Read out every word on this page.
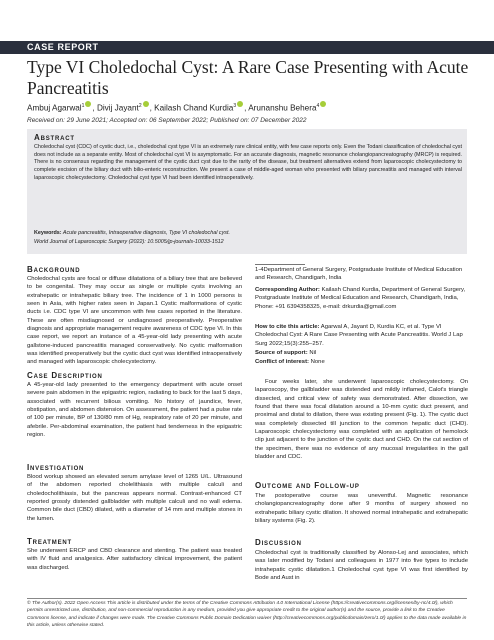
CASE REPORT
Type VI Choledochal Cyst: A Rare Case Presenting with Acute Pancreatitis
Ambuj Agarwal$^1$ , Divij Jayant$^2$ , Kailash Chand Kurdia$^3$ , Arunanshu Behera$^4$
Received on: 29 June 2021; Accepted on: 06 September 2022; Published on: 07 December 2022
Abstract
Choledochal cyst (CDC) of cystic duct, i.e., choledochal cyst type VI is an extremely rare clinical entity, with few case reports only. Even the Todani classification of choledochal cyst does not include as a separate entity. Most of choledochal cyst VI is asymptomatic. For an accurate diagnosis, magnetic resonance cholangiopancreatography (MRCP) is required. There is no consensus regarding the management of the cystic duct cyst due to the rarity of the disease, but treatment alternatives extend from laparoscopic cholecystectomy to complete excision of the biliary duct with bilio-enteric reconstruction. We present a case of middle-aged woman who presented with biliary pancreatitis and managed with interval laparoscopic cholecystectomy. Choledochal cyst type VI had been identified intraoperatively.
Keywords: Acute pancreatitis, Intraoperative diagnosis, Type VI choledochal cyst.
World Journal of Laparoscopic Surgery (2022): 10.5005/jp-journals-10033-1512
Background
Choledochal cysts are focal or diffuse dilatations of a biliary tree that are believed to be congenital. They may occur as single or multiple cysts involving an extrahepatic or intrahepatic biliary tree. The incidence of 1 in 1000 persons is seen in Asia, with higher rates seen in Japan.1 Cystic malformations of cystic ducts i.e. CDC type VI are uncommon with few cases reported in the literature. These are often misdiagnosed or undiagnosed preoperatively. Preoperative diagnosis and appropriate management require awareness of CDC type VI. In this case report, we report an instance of a 45-year-old lady presenting with acute gallstone-induced pancreatitis managed conservatively. No cystic malformation was identified preoperatively but the cystic duct cyst was identified intraoperatively and managed with laparoscopic cholecystectomy.
Case Description
A 45-year-old lady presented to the emergency department with acute onset severe pain abdomen in the epigastric region, radiating to back for the last 5 days, associated with recurrent bilious vomiting. No history of jaundice, fever, obstipation, and abdomen distension. On assessment, the patient had a pulse rate of 100 per minute, BP of 130/80 mm of Hg, respiratory rate of 20 per minute, and afebrile. Per-abdominal examination, the patient had tenderness in the epigastric region.
Investigation
Blood workup showed an elevated serum amylase level of 1265 U/L. Ultrasound of the abdomen reported cholelithiasis with multiple calculi and choledocholithiasis, but the pancreas appears normal. Contrast-enhanced CT reported grossly distended gallbladder with multiple calculi and no wall edema. Common bile duct (CBD) dilated, with a diameter of 14 mm and multiple stones in the lumen.
Treatment
She underwent ERCP and CBD clearance and stenting. The patient was treated with IV fluid and analgesics. After satisfactory clinical improvement, the patient was discharged.
1-4Department of General Surgery, Postgraduate Institute of Medical Education and Research, Chandigarh, India
Corresponding Author: Kailash Chand Kurdia, Department of General Surgery, Postgraduate Institute of Medical Education and Research, Chandigarh, India, Phone: +91 6394358325, e-mail: drkurdia@gmail.com
How to cite this article: Agarwal A, Jayant D, Kurdia KC, et al. Type VI Choledochal Cyst: A Rare Case Presenting with Acute Pancreatitis. World J Lap Surg 2022;15(3):255–257.
Source of support: Nil
Conflict of interest: None
Four weeks later, she underwent laparoscopic cholecystectomy. On laparoscopy, the gallbladder was distended and mildly inflamed, Calot's triangle dissected, and critical view of safety was demonstrated. After dissection, we found that there was focal dilatation around a 10-mm cystic duct present, and proximal and distal to dilation, there was existing present (Fig. 1). The cystic duct was completely dissected till junction to the common hepatic duct (CHD). Laparoscopic cholecystectomy was completed with an application of hemolock clip just adjacent to the junction of the cystic duct and CHD. On the cut section of the specimen, there was no evidence of any mucosal irregularities in the gall bladder and CDC.
Outcome and Follow-up
The postoperative course was uneventful. Magnetic resonance cholangiopancreatography done after 9 months of surgery showed no extrahepatic biliary cystic dilation. It showed normal intrahepatic and extrahepatic biliary systems (Fig. 2).
Discussion
Choledochal cyst is traditionally classified by Alonso-Lej and associates, which was later modified by Todani and colleagues in 1977 into five types to include intrahepatic cystic dilatation.1 Choledochal cyst type VI was first identified by Bode and Aust in
© The Author(s). 2022 Open Access This article is distributed under the terms of the Creative Commons Attribution 4.0 International License (https://creativecommons.org/licenses/by-nc/4.0/), which permits unrestricted use, distribution, and non-commercial reproduction in any medium, provided you give appropriate credit to the original author(s) and the source, provide a link to the Creative Commons license, and indicate if changes were made. The Creative Commons Public Domain Dedication waiver (http://creativecommons.org/publicdomain/zero/1.0/) applies to the data made available in this article, unless otherwise stated.
